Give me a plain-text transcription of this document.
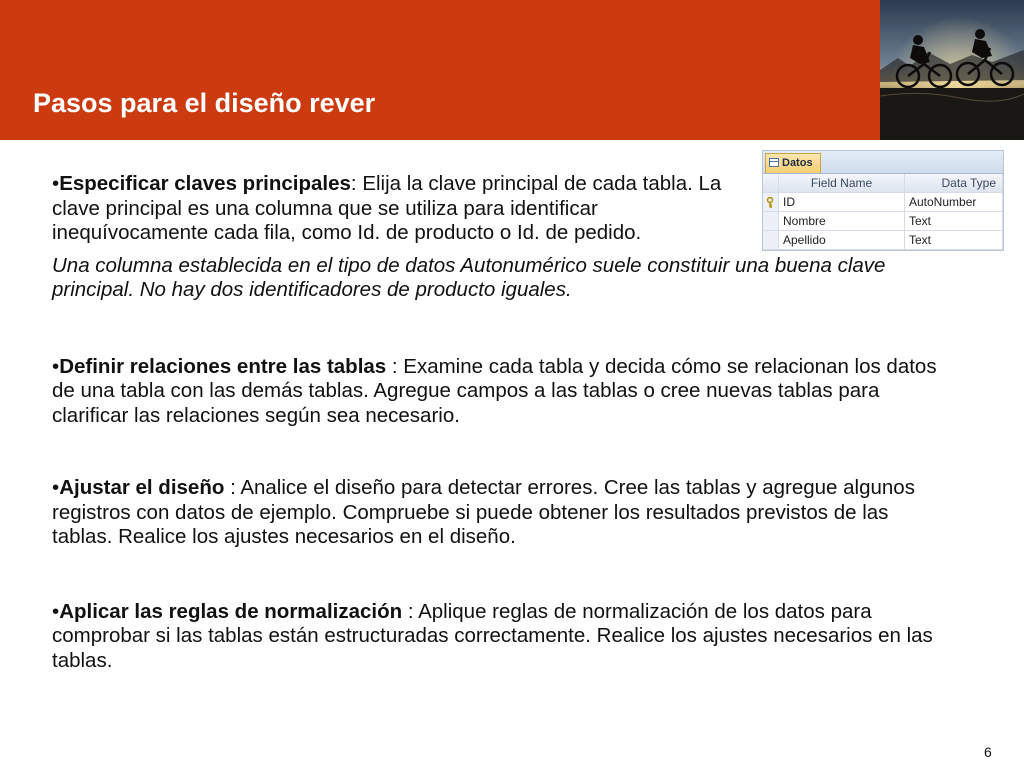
Pasos para el diseño rever
Datos
Field Name	Data Type
ID	AutoNumber
Nombre	Text
Apellido	Text

•Especificar claves principales: Elija la clave principal de cada tabla. La clave principal es una columna que se utiliza para identificar inequívocamente cada fila, como Id. de producto o Id. de pedido.

Una columna establecida en el tipo de datos Autonumérico suele constituir una buena clave principal. No hay dos identificadores de producto iguales.

•Definir relaciones entre las tablas : Examine cada tabla y decida cómo se relacionan los datos de una tabla con las demás tablas. Agregue campos a las tablas o cree nuevas tablas para clarificar las relaciones según sea necesario.

•Ajustar el diseño : Analice el diseño para detectar errores. Cree las tablas y agregue algunos registros con datos de ejemplo. Compruebe si puede obtener los resultados previstos de las tablas. Realice los ajustes necesarios en el diseño.

•Aplicar las reglas de normalización : Aplique reglas de normalización de los datos para comprobar si las tablas están estructuradas correctamente. Realice los ajustes necesarios en las tablas.

6
